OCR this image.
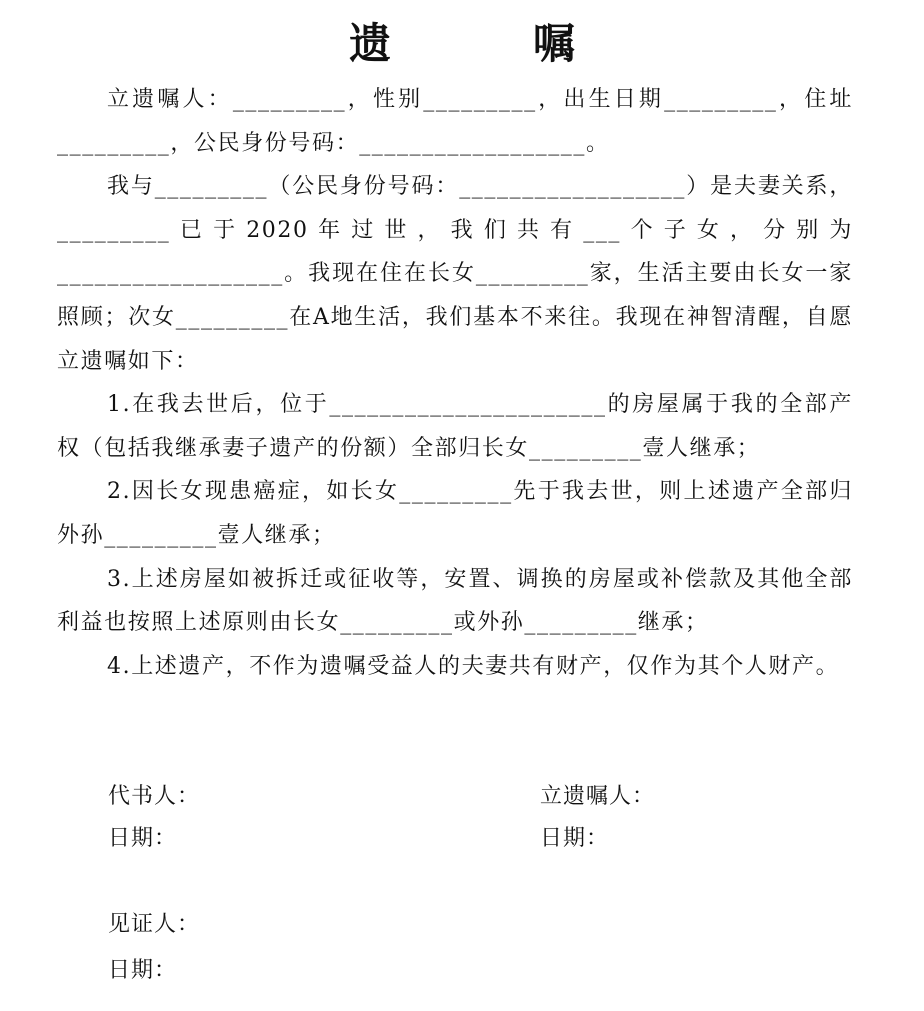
遗　嘱

立遗嘱人：_________，性别_________，出生日期_________，住址_________，公民身份号码：__________________。

我与_________（公民身份号码：__________________）是夫妻关系，_________已于2020年过世，我们共有___个子女，分别为__________________。我现在住在长女_________家，生活主要由长女一家照顾；次女_________在A地生活，我们基本不来往。我现在神智清醒，自愿立遗嘱如下：

1.在我去世后，位于______________________的房屋属于我的全部产权（包括我继承妻子遗产的份额）全部归长女_________壹人继承；

2.因长女现患癌症，如长女_________先于我去世，则上述遗产全部归外孙_________壹人继承；

3.上述房屋如被拆迁或征收等，安置、调换的房屋或补偿款及其他全部利益也按照上述原则由长女_________或外孙_________继承；

4.上述遗产，不作为遗嘱受益人的夫妻共有财产，仅作为其个人财产。

代书人：
日期：
立遗嘱人：
日期：
见证人：
日期：
